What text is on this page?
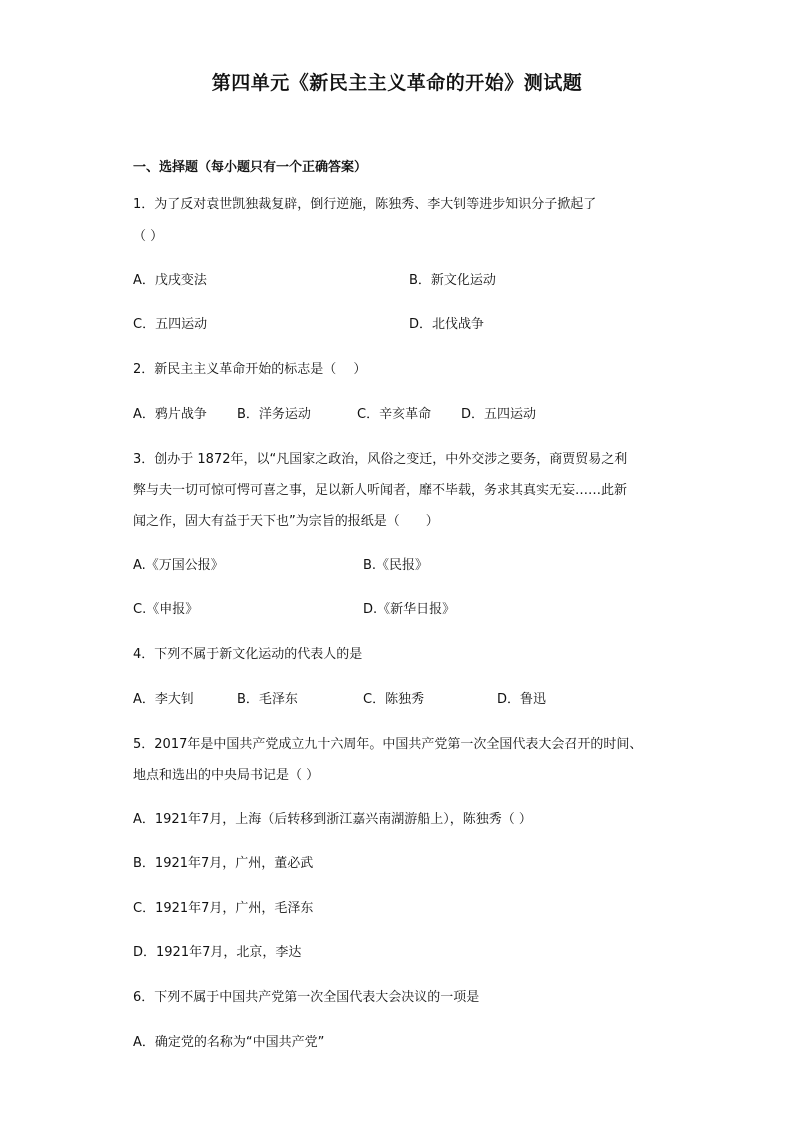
第四单元《新民主主义革命的开始》测试题
一、选择题（每小题只有一个正确答案）
1．为了反对袁世凯独裁复辟，倒行逆施，陈独秀、李大钊等进步知识分子掀起了
（ ）
A．戊戌变法	B．新文化运动
C．五四运动	D．北伐战争
2．新民主主义革命开始的标志是（　 ）
A．鸦片战争 B．洋务运动	C．辛亥革命 D．五四运动
3．创办于 1872年，以“凡国家之政治，风俗之变迁，中外交涉之要务，商贾贸易之利
弊与夫一切可惊可愕可喜之事，足以新人听闻者，靡不毕载，务求其真实无妄……此新
闻之作，固大有益于天下也”为宗旨的报纸是（　　）
A.《万国公报》	B.《民报》
C.《申报》	D.《新华日报》
4．下列不属于新文化运动的代表人的是
A．李大钊	B．毛泽东	C．陈独秀	D．鲁迅
5．2017年是中国共产党成立九十六周年。中国共产党第一次全国代表大会召开的时间、
地点和选出的中央局书记是（ ）
A．1921年7月，上海（后转移到浙江嘉兴南湖游船上），陈独秀（ ）
B．1921年7月，广州，董必武
C．1921年7月，广州，毛泽东
D．1921年7月，北京，李达
6．下列不属于中国共产党第一次全国代表大会决议的一项是
A．确定党的名称为“中国共产党”
